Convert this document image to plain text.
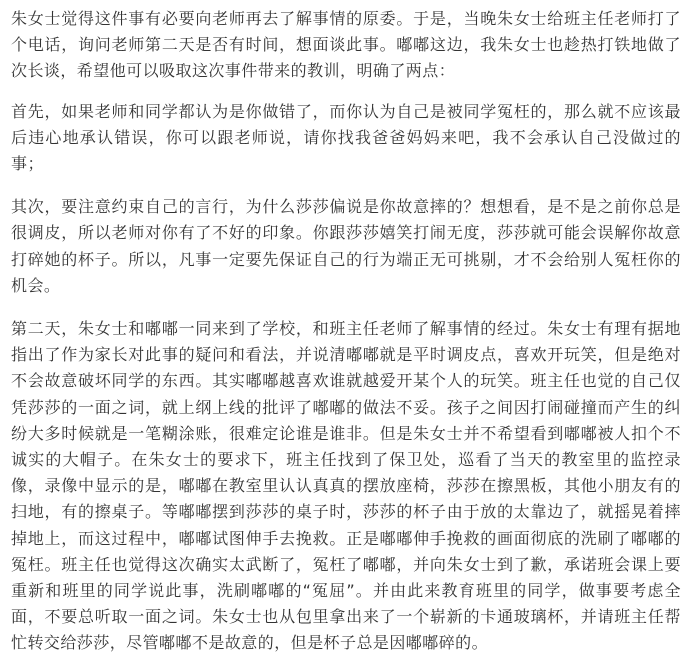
朱女士觉得这件事有必要向老师再去了解事情的原委。于是，当晚朱女士给班主任老师打了个电话，询问老师第二天是否有时间，想面谈此事。嘟嘟这边，我朱女士也趁热打铁地做了次长谈，希望他可以吸取这次事件带来的教训，明确了两点：

首先，如果老师和同学都认为是你做错了，而你认为自己是被同学冤枉的，那么就不应该最后违心地承认错误，你可以跟老师说，请你找我爸爸妈妈来吧，我不会承认自己没做过的事；

其次，要注意约束自己的言行，为什么莎莎偏说是你故意摔的？想想看，是不是之前你总是很调皮，所以老师对你有了不好的印象。你跟莎莎嬉笑打闹无度，莎莎就可能会误解你故意打碎她的杯子。所以，凡事一定要先保证自己的行为端正无可挑剔，才不会给别人冤枉你的机会。

第二天，朱女士和嘟嘟一同来到了学校，和班主任老师了解事情的经过。朱女士有理有据地指出了作为家长对此事的疑问和看法，并说清嘟嘟就是平时调皮点，喜欢开玩笑，但是绝对不会故意破坏同学的东西。其实嘟嘟越喜欢谁就越爱开某个人的玩笑。班主任也觉的自己仅凭莎莎的一面之词，就上纲上线的批评了嘟嘟的做法不妥。孩子之间因打闹碰撞而产生的纠纷大多时候就是一笔糊涂账，很难定论谁是谁非。但是朱女士并不希望看到嘟嘟被人扣个不诚实的大帽子。在朱女士的要求下，班主任找到了保卫处，巡看了当天的教室里的监控录像，录像中显示的是，嘟嘟在教室里认认真真的摆放座椅，莎莎在擦黑板，其他小朋友有的扫地，有的擦桌子。等嘟嘟摆到莎莎的桌子时，莎莎的杯子由于放的太靠边了，就摇晃着摔掉地上，而这过程中，嘟嘟试图伸手去挽救。正是嘟嘟伸手挽救的画面彻底的洗刷了嘟嘟的冤枉。班主任也觉得这次确实太武断了，冤枉了嘟嘟，并向朱女士到了歉，承诺班会课上要重新和班里的同学说此事，洗刷嘟嘟的“冤屈”。并由此来教育班里的同学，做事要考虑全面，不要总听取一面之词。朱女士也从包里拿出来了一个崭新的卡通玻璃杯，并请班主任帮忙转交给莎莎，尽管嘟嘟不是故意的，但是杯子总是因嘟嘟碎的。
